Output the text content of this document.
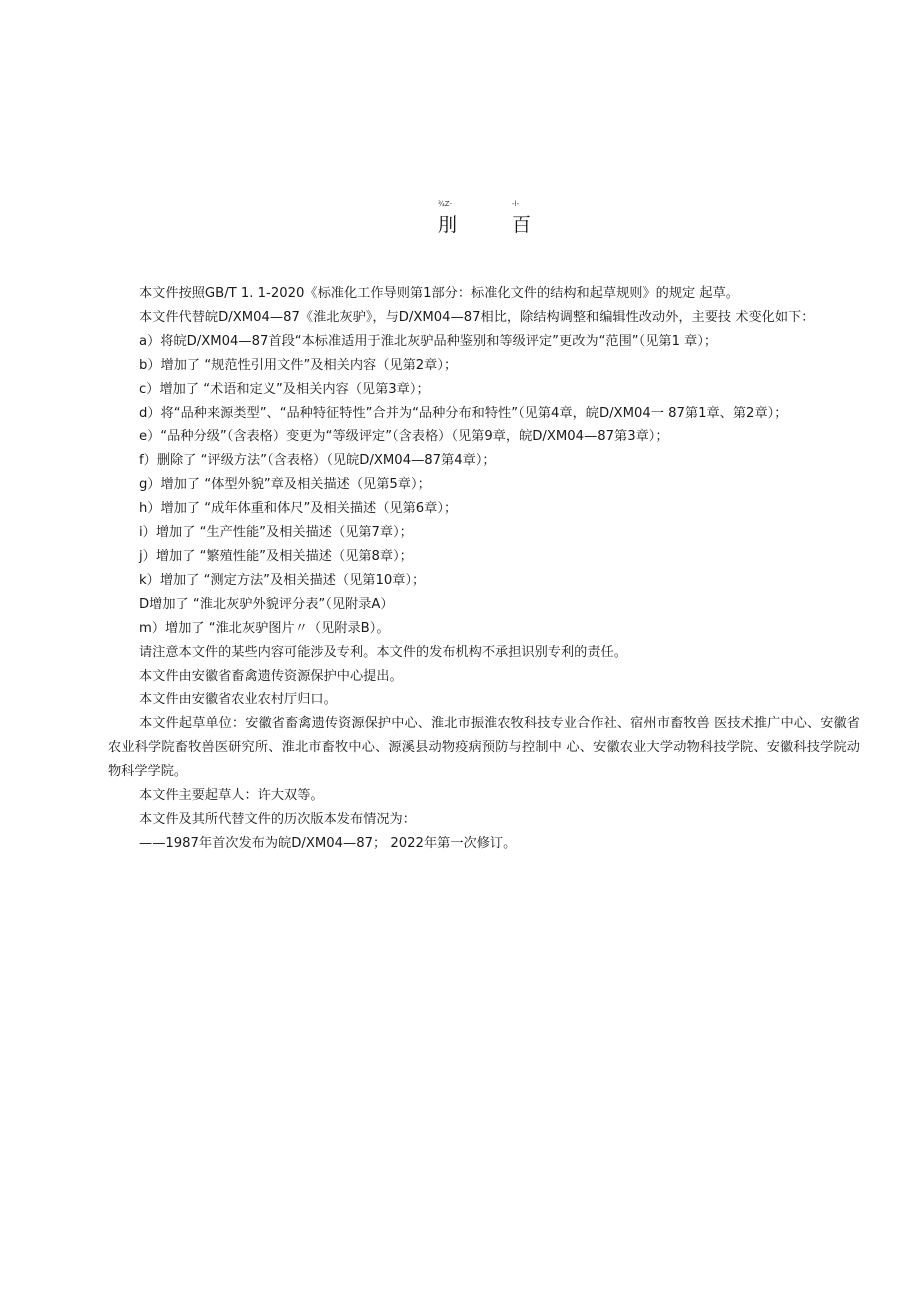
¾Z-	-l-
刖	百

本文件按照GB/T 1. 1-2020《标准化工作导则第1部分：标准化文件的结构和起草规则》的规定 起草。

本文件代替皖D/XM04—87《淮北灰驴》，与D/XM04—87相比，除结构调整和编辑性改动外，主要技 术变化如下：

a）将皖D/XM04—87首段“本标准适用于淮北灰驴品种鉴别和等级评定”更改为“范围”（见第1 章）；

b）增加了 “规范性引用文件”及相关内容（见第2章）；

c）增加了 “术语和定义”及相关内容（见第3章）；

d）将“品种来源类型”、“品种特征特性”合并为“品种分布和特性”（见第4章，皖D/XM04一 87第1章、第2章）；

e）“品种分级”（含表格）变更为“等级评定”（含表格）（见第9章，皖D/XM04—87第3章）；

f）删除了 “评级方法”（含表格）（见皖D/XM04—87第4章）；

g）增加了 “体型外貌”章及相关描述（见第5章）；

h）增加了 “成年体重和体尺”及相关描述（见第6章）；

i）增加了 “生产性能”及相关描述（见第7章）；

j）增加了 “繁殖性能”及相关描述（见第8章）；

k）增加了 “测定方法”及相关描述（见第10章）；

D增加了 “淮北灰驴外貌评分表”（见附录A）

m）增加了 “淮北灰驴图片〃（见附录B）。

请注意本文件的某些内容可能涉及专利。本文件的发布机构不承担识别专利的责任。

本文件由安徽省畜禽遗传资源保护中心提出。

本文件由安徽省农业农村厅归口。

本文件起草单位：安徽省畜禽遗传资源保护中心、淮北市振淮农牧科技专业合作社、宿州市畜牧兽 医技术推广中心、安徽省农业科学院畜牧兽医研究所、淮北市畜牧中心、源溪县动物疫病预防与控制中 心、安徽农业大学动物科技学院、安徽科技学院动物科学学院。

本文件主要起草人：许大双等。

本文件及其所代替文件的历次版本发布情况为：

——1987年首次发布为皖D/XM04—87； 2022年第一次修订。
